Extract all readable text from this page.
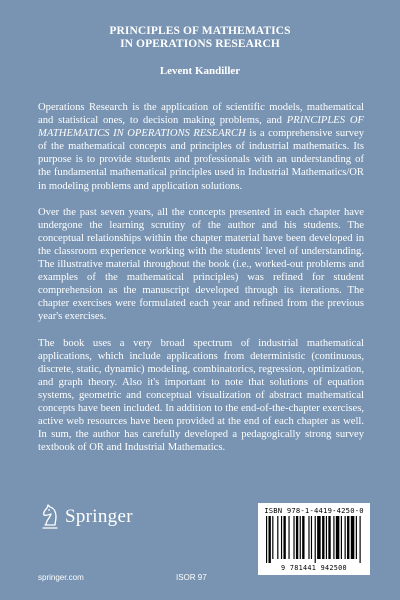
PRINCIPLES OF MATHEMATICS
IN OPERATIONS RESEARCH
Levent Kandiller

Operations Research is the application of scientific models, mathematical and statistical ones, to decision making problems, and PRINCIPLES OF MATHEMATICS IN OPERATIONS RESEARCH is a comprehensive survey of the mathematical concepts and principles of industrial mathematics. Its purpose is to provide students and professionals with an understanding of the fundamental mathematical principles used in Industrial Mathematics/OR in modeling problems and application solutions.

Over the past seven years, all the concepts presented in each chapter have undergone the learning scrutiny of the author and his students. The conceptual relationships within the chapter material have been developed in the classroom experience working with the students' level of understanding. The illustrative material throughout the book (i.e., worked-out problems and examples of the mathematical principles) was refined for student comprehension as the manuscript developed through its iterations. The chapter exercises were formulated each year and refined from the previous year's exercises.

The book uses a very broad spectrum of industrial mathematical applications, which include applications from deterministic (continuous, discrete, static, dynamic) modeling, combinatorics, regression, optimization, and graph theory. Also it's important to note that solutions of equation systems, geometric and conceptual visualization of abstract mathematical concepts have been included. In addition to the end-of-the-chapter exercises, active web resources have been provided at the end of each chapter as well. In sum, the author has carefully developed a pedagogically strong survey textbook of OR and Industrial Mathematics.

Springer	ISBN 978-1-4419-4250-0
9 781441 942500
springer.com	ISOR 97
